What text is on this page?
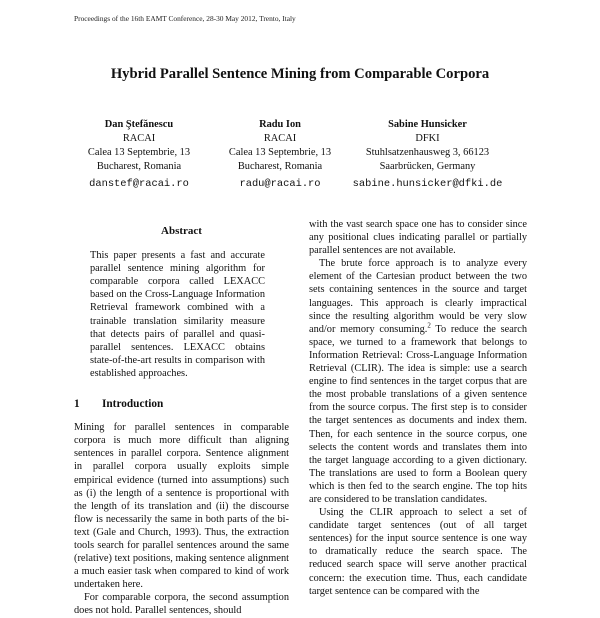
Proceedings of the 16th EAMT Conference, 28-30 May 2012, Trento, Italy
Hybrid Parallel Sentence Mining from Comparable Corpora
Dan Ştefănescu
RACAI
Calea 13 Septembrie, 13
Bucharest, Romania
danstef@racai.ro
Radu Ion
RACAI
Calea 13 Septembrie, 13
Bucharest, Romania
radu@racai.ro
Sabine Hunsicker
DFKI
Stuhlsatzenhausweg 3, 66123
Saarbrücken, Germany
sabine.hunsicker@dfki.de
Abstract

This paper presents a fast and accurate parallel sentence mining algorithm for comparable corpora called LEXACC based on the Cross-Language Information Retrieval framework combined with a trainable translation similarity measure that detects pairs of parallel and quasi-parallel sentences. LEXACC obtains state-of-the-art results in comparison with established approaches.

1 Introduction

Mining for parallel sentences in comparable corpora is much more difficult than aligning sentences in parallel corpora. Sentence alignment in parallel corpora usually exploits simple empirical evidence (turned into assumptions) such as (i) the length of a sentence is proportional with the length of its translation and (ii) the discourse flow is necessarily the same in both parts of the bi-text (Gale and Church, 1993). Thus, the extraction tools search for parallel sentences around the same (relative) text positions, making sentence alignment a much easier task when compared to kind of work undertaken here.

For comparable corpora, the second assumption does not hold. Parallel sentences, should

with the vast search space one has to consider since any positional clues indicating parallel or partially parallel sentences are not available.

The brute force approach is to analyze every element of the Cartesian product between the two sets containing sentences in the source and target languages. This approach is clearly impractical since the resulting algorithm would be very slow and/or memory consuming.$^2$ To reduce the search space, we turned to a framework that belongs to Information Retrieval: Cross-Language Information Retrieval (CLIR). The idea is simple: use a search engine to find sentences in the target corpus that are the most probable translations of a given sentence from the source corpus. The first step is to consider the target sentences as documents and index them. Then, for each sentence in the source corpus, one selects the content words and translates them into the target language according to a given dictionary. The translations are used to form a Boolean query which is then fed to the search engine. The top hits are considered to be translation candidates.

Using the CLIR approach to select a set of candidate target sentences (out of all target sentences) for the input source sentence is one way to dramatically reduce the search space. The reduced search space will serve another practical concern: the execution time. Thus, each candidate target sentence can be compared with the
